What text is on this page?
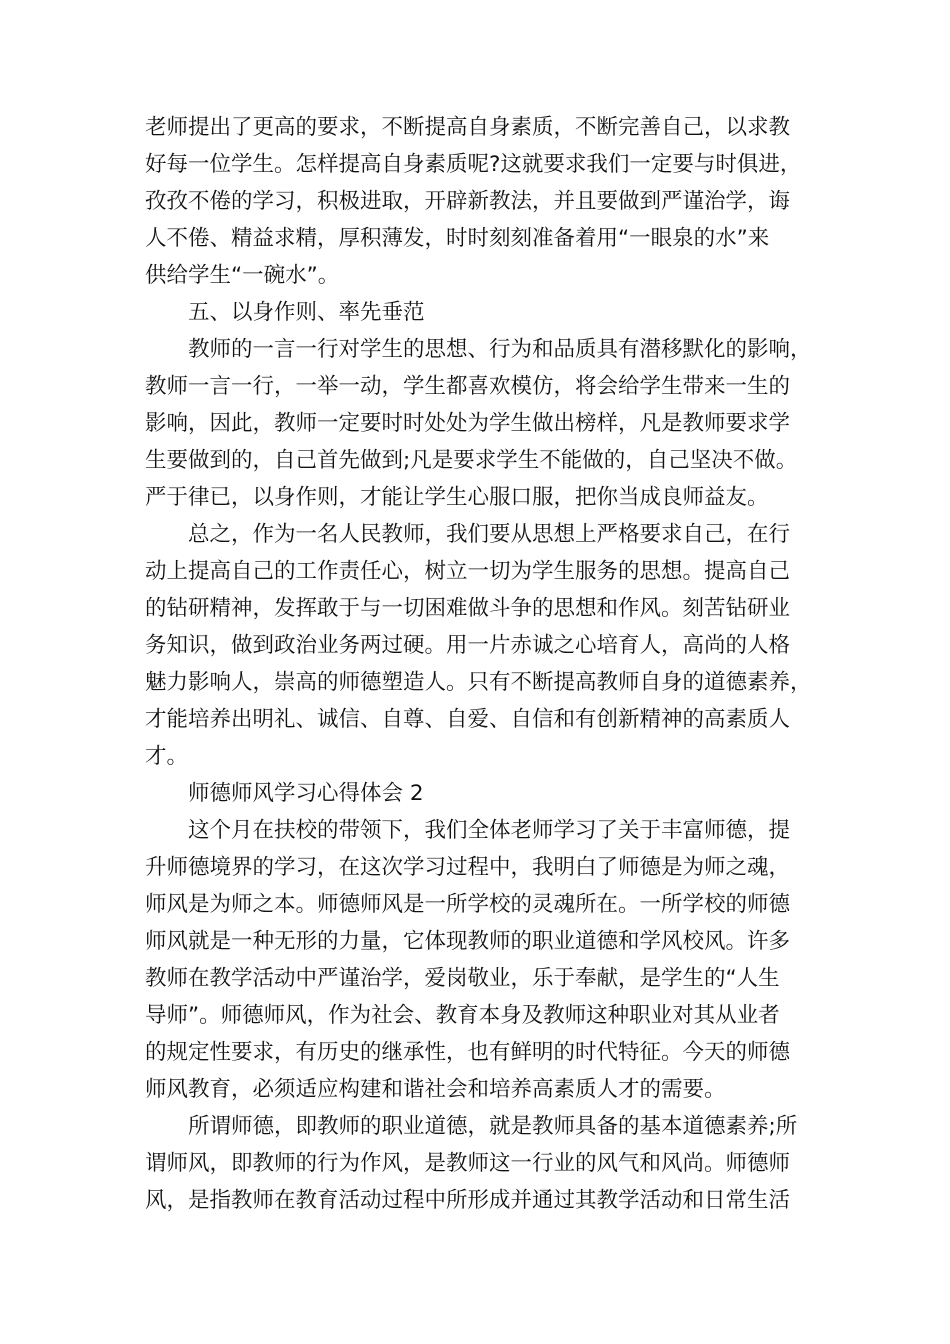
老师提出了更高的要求，不断提高自身素质，不断完善自己，以求教
好每一位学生。怎样提高自身素质呢?这就要求我们一定要与时俱进，
孜孜不倦的学习，积极进取，开辟新教法，并且要做到严谨治学，诲
人不倦、精益求精，厚积薄发，时时刻刻准备着用“一眼泉的水”来
供给学生“一碗水”。
五、以身作则、率先垂范
教师的一言一行对学生的思想、行为和品质具有潜移默化的影响，
教师一言一行，一举一动，学生都喜欢模仿，将会给学生带来一生的
影响，因此，教师一定要时时处处为学生做出榜样，凡是教师要求学
生要做到的，自己首先做到;凡是要求学生不能做的，自己坚决不做。
严于律已，以身作则，才能让学生心服口服，把你当成良师益友。
总之，作为一名人民教师，我们要从思想上严格要求自己，在行
动上提高自己的工作责任心，树立一切为学生服务的思想。提高自己
的钻研精神，发挥敢于与一切困难做斗争的思想和作风。刻苦钻研业
务知识，做到政治业务两过硬。用一片赤诚之心培育人，高尚的人格
魅力影响人，崇高的师德塑造人。只有不断提高教师自身的道德素养，
才能培养出明礼、诚信、自尊、自爱、自信和有创新精神的高素质人
才。
师德师风学习心得体会 2
这个月在扶校的带领下，我们全体老师学习了关于丰富师德，提
升师德境界的学习，在这次学习过程中，我明白了师德是为师之魂，
师风是为师之本。师德师风是一所学校的灵魂所在。一所学校的师德
师风就是一种无形的力量，它体现教师的职业道德和学风校风。许多
教师在教学活动中严谨治学，爱岗敬业，乐于奉献，是学生的“人生
导师”。师德师风，作为社会、教育本身及教师这种职业对其从业者
的规定性要求，有历史的继承性，也有鲜明的时代特征。今天的师德
师风教育，必须适应构建和谐社会和培养高素质人才的需要。
所谓师德，即教师的职业道德，就是教师具备的基本道德素养;所
谓师风，即教师的行为作风，是教师这一行业的风气和风尚。师德师
风，是指教师在教育活动过程中所形成并通过其教学活动和日常生活
